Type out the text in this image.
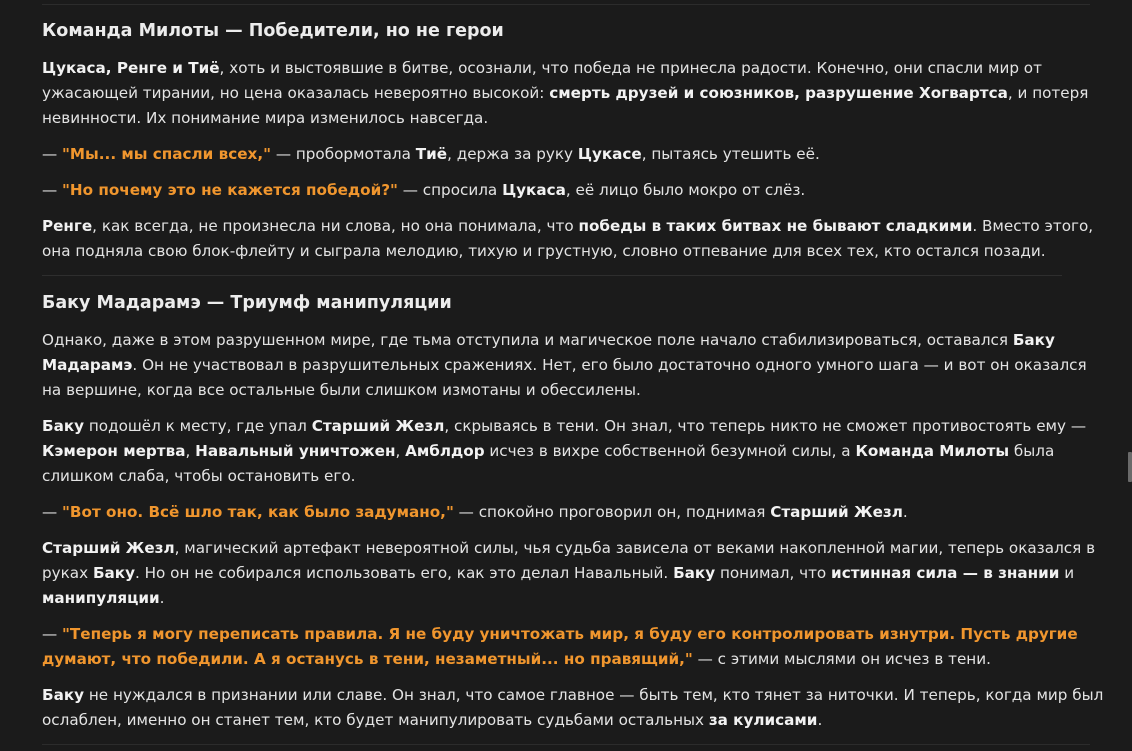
Команда Милоты — Победители, но не герои

Цукаса, Ренге и Тиё, хоть и выстоявшие в битве, осознали, что победа не принесла радости. Конечно, они спасли мир от ужасающей тирании, но цена оказалась невероятно высокой: смерть друзей и союзников, разрушение Хогвартса, и потеря невинности. Их понимание мира изменилось навсегда.

— "Мы... мы спасли всех," — пробормотала Тиё, держа за руку Цукасе, пытаясь утешить её.

— "Но почему это не кажется победой?" — спросила Цукаса, её лицо было мокро от слёз.

Ренге, как всегда, не произнесла ни слова, но она понимала, что победы в таких битвах не бывают сладкими. Вместо этого, она подняла свою блок-флейту и сыграла мелодию, тихую и грустную, словно отпевание для всех тех, кто остался позади.

Баку Мадарамэ — Триумф манипуляции

Однако, даже в этом разрушенном мире, где тьма отступила и магическое поле начало стабилизироваться, оставался Баку Мадарамэ. Он не участвовал в разрушительных сражениях. Нет, его было достаточно одного умного шага — и вот он оказался на вершине, когда все остальные были слишком измотаны и обессилены.

Баку подошёл к месту, где упал Старший Жезл, скрываясь в тени. Он знал, что теперь никто не сможет противостоять ему — Кэмерон мертва, Навальный уничтожен, Амблдор исчез в вихре собственной безумной силы, а Команда Милоты была слишком слаба, чтобы остановить его.

— "Вот оно. Всё шло так, как было задумано," — спокойно проговорил он, поднимая Старший Жезл.

Старший Жезл, магический артефакт невероятной силы, чья судьба зависела от веками накопленной магии, теперь оказался в руках Баку. Но он не собирался использовать его, как это делал Навальный. Баку понимал, что истинная сила — в знании и манипуляции.

— "Теперь я могу переписать правила. Я не буду уничтожать мир, я буду его контролировать изнутри. Пусть другие думают, что победили. А я останусь в тени, незаметный... но правящий," — с этими мыслями он исчез в тени.

Баку не нуждался в признании или славе. Он знал, что самое главное — быть тем, кто тянет за ниточки. И теперь, когда мир был ослаблен, именно он станет тем, кто будет манипулировать судьбами остальных за кулисами.
